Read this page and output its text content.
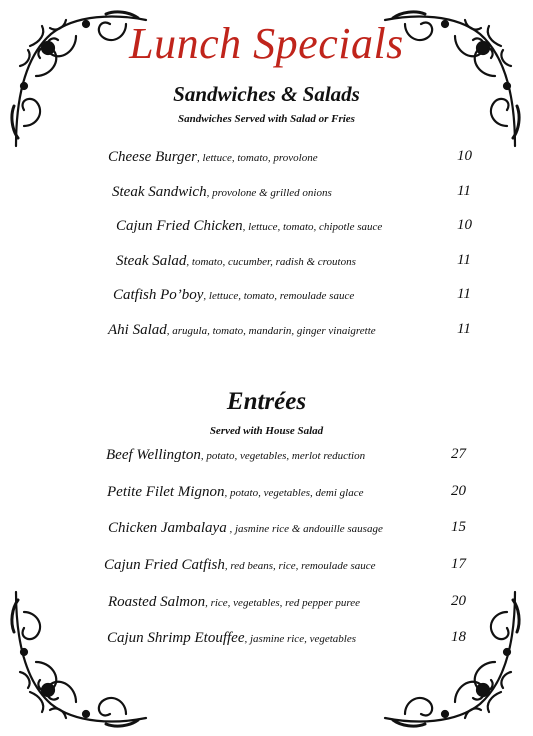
Lunch Specials
Sandwiches & Salads
Sandwiches Served with Salad or Fries
Cheese Burger, lettuce, tomato, provolone	10
Steak Sandwich, provolone & grilled onions	11
Cajun Fried Chicken, lettuce, tomato, chipotle sauce	10
Steak Salad, tomato, cucumber, radish & croutons	11
Catfish Po’boy, lettuce, tomato, remoulade sauce	11
Ahi Salad, arugula, tomato, mandarin, ginger vinaigrette	11
Entrées
Served with House Salad
Beef Wellington, potato, vegetables, merlot reduction	27
Petite Filet Mignon, potato, vegetables, demi glace	20
Chicken Jambalaya , jasmine rice & andouille sausage	15
Cajun Fried Catfish, red beans, rice, remoulade sauce	17
Roasted Salmon, rice, vegetables, red pepper puree	20
Cajun Shrimp Etouffee, jasmine rice, vegetables	18
